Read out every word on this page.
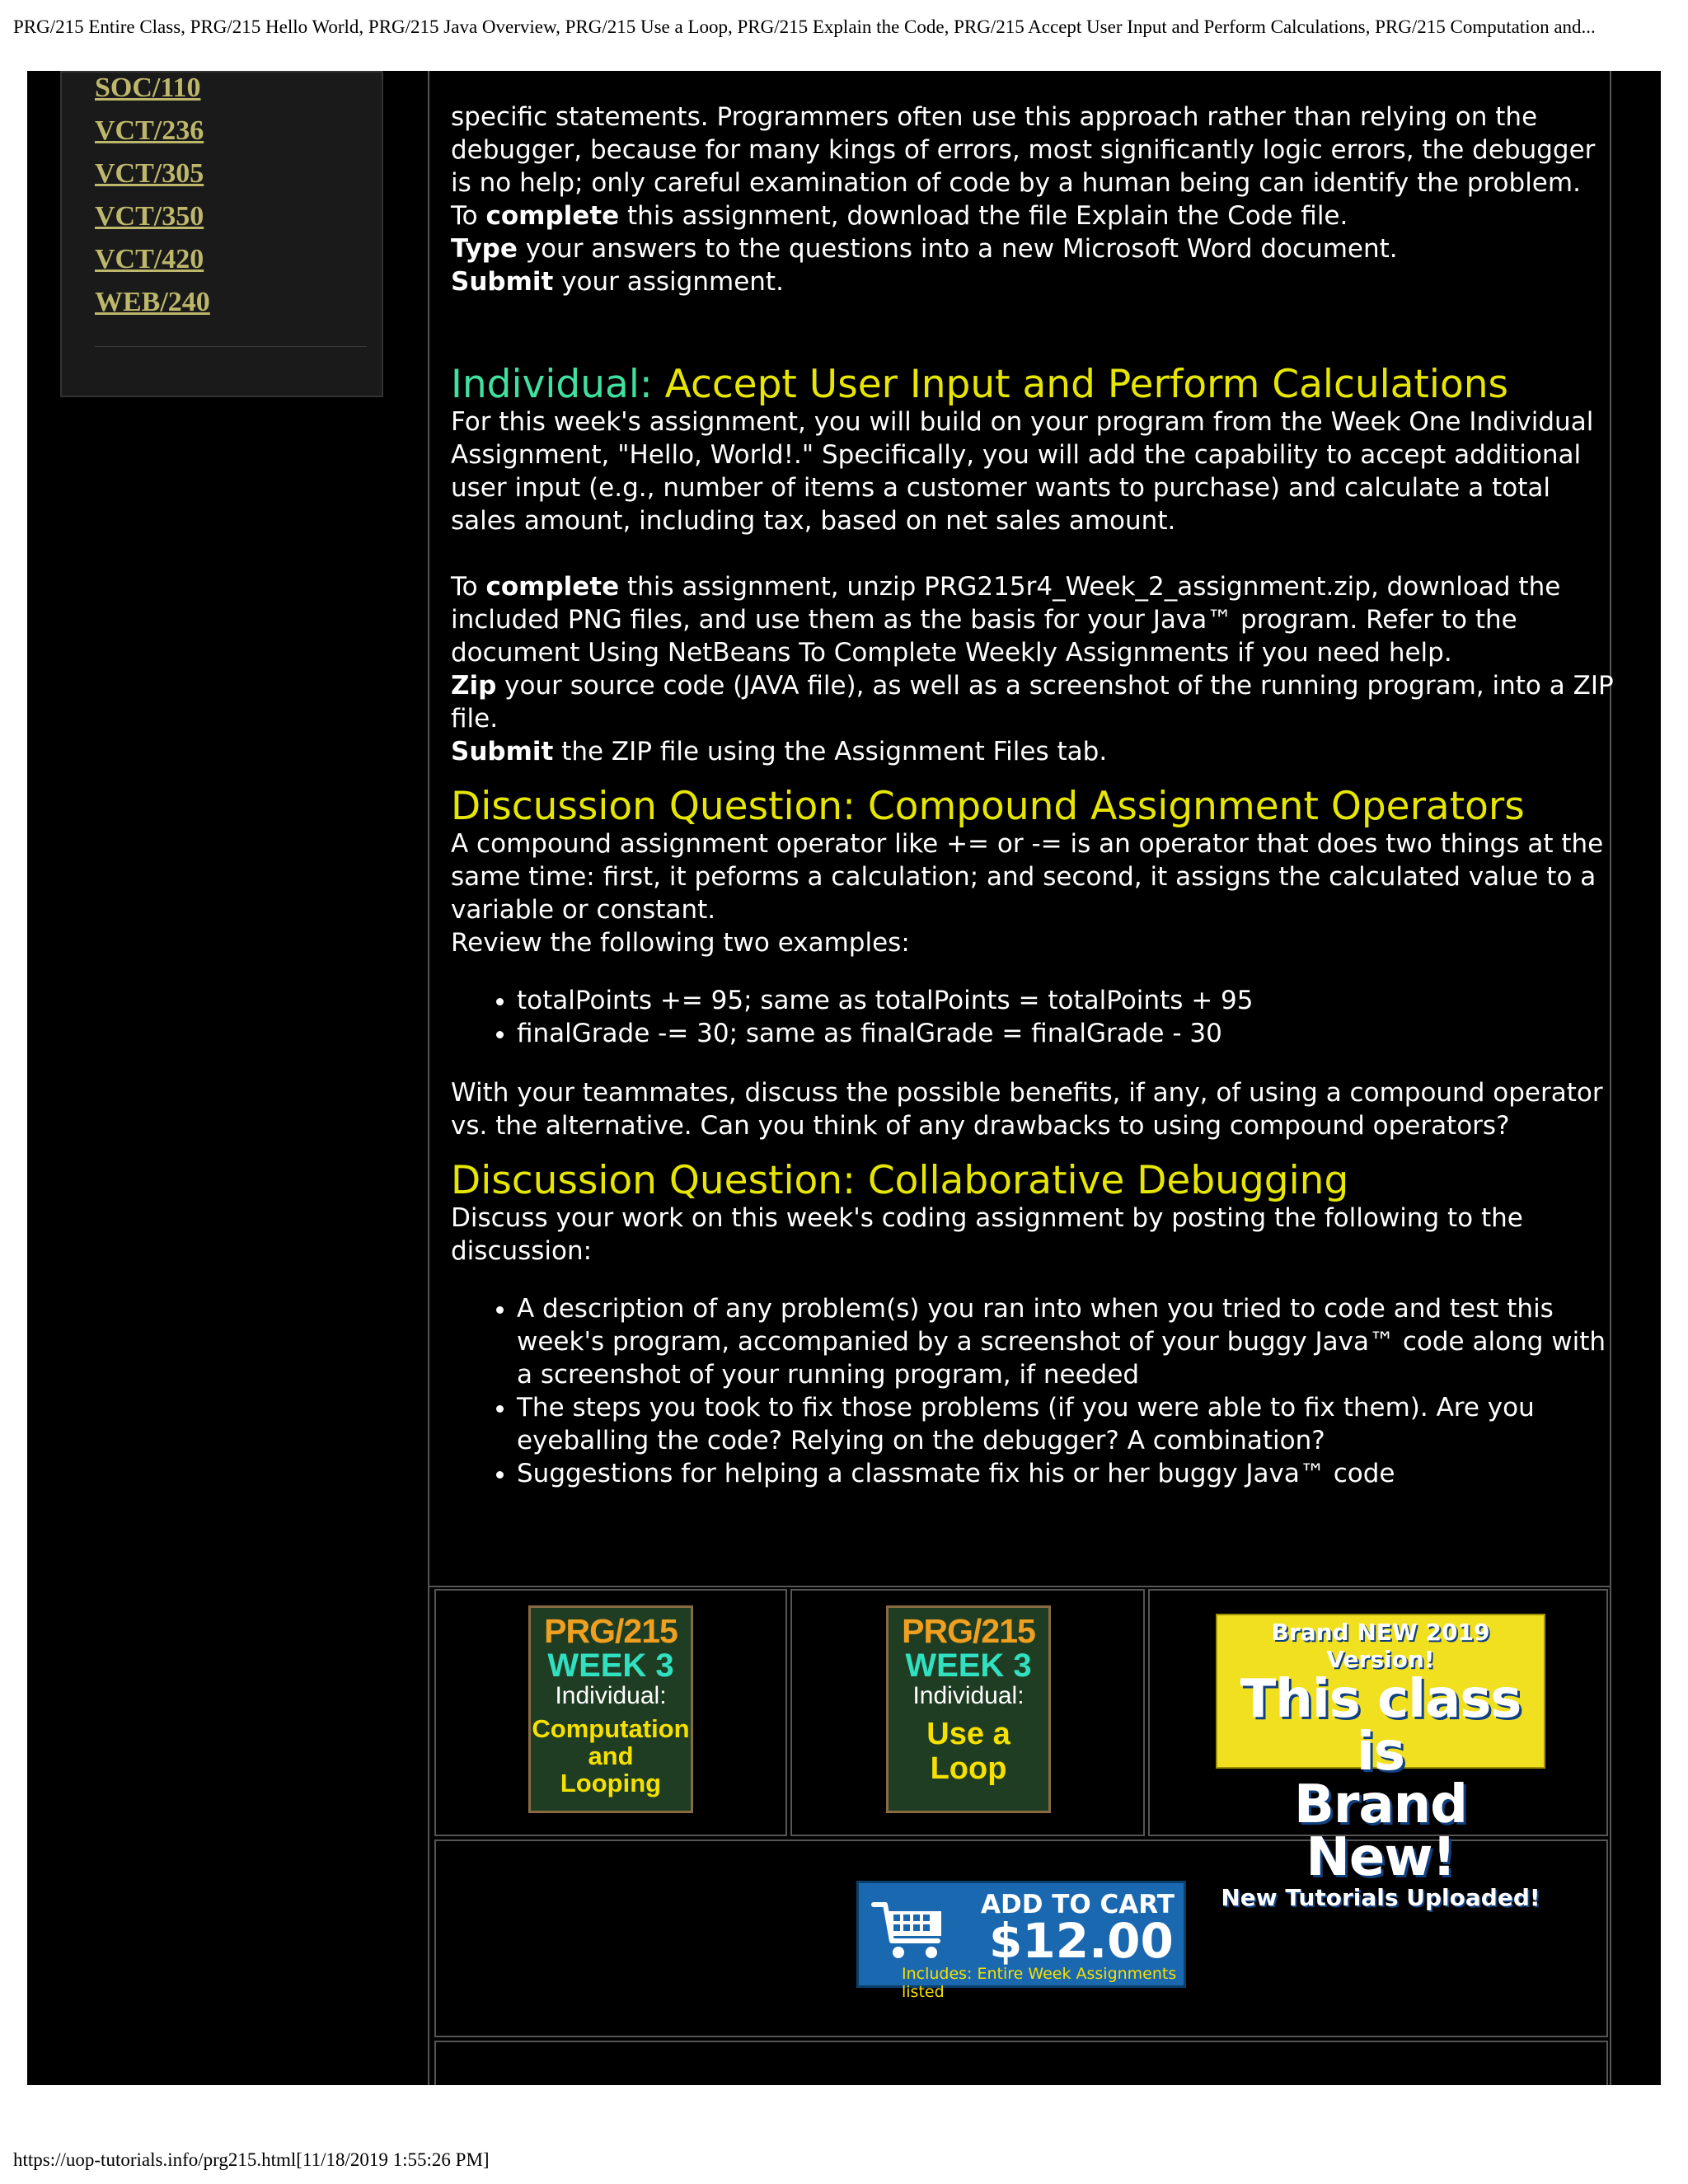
PRG/215 Entire Class, PRG/215 Hello World, PRG/215 Java Overview, PRG/215 Use a Loop, PRG/215 Explain the Code, PRG/215 Accept User Input and Perform Calculations, PRG/215 Computation and...
SOC/110
VCT/236
VCT/305
VCT/350
VCT/420
WEB/240

specific statements. Programmers often use this approach rather than relying on the debugger, because for many kings of errors, most significantly logic errors, the debugger is no help; only careful examination of code by a human being can identify the problem.

To complete this assignment, download the file Explain the Code file.

Type your answers to the questions into a new Microsoft Word document.

Submit your assignment.

Individual: Accept User Input and Perform Calculations

For this week's assignment, you will build on your program from the Week One Individual Assignment, "Hello, World!." Specifically, you will add the capability to accept additional user input (e.g., number of items a customer wants to purchase) and calculate a total sales amount, including tax, based on net sales amount.

To complete this assignment, unzip PRG215r4_Week_2_assignment.zip, download the included PNG files, and use them as the basis for your Java™ program. Refer to the document Using NetBeans To Complete Weekly Assignments if you need help.

Zip your source code (JAVA file), as well as a screenshot of the running program, into a ZIP file.

Submit the ZIP file using the Assignment Files tab.

Discussion Question: Compound Assignment Operators

A compound assignment operator like += or -= is an operator that does two things at the same time: first, it peforms a calculation; and second, it assigns the calculated value to a variable or constant.

Review the following two examples:

• totalPoints += 95; same as totalPoints = totalPoints + 95
• finalGrade -= 30; same as finalGrade = finalGrade - 30

With your teammates, discuss the possible benefits, if any, of using a compound operator vs. the alternative. Can you think of any drawbacks to using compound operators?

Discussion Question: Collaborative Debugging

Discuss your work on this week's coding assignment by posting the following to the discussion:

• A description of any problem(s) you ran into when you tried to code and test this week's program, accompanied by a screenshot of your buggy Java™ code along with a screenshot of your running program, if needed
• The steps you took to fix those problems (if you were able to fix them). Are you eyeballing the code? Relying on the debugger? A combination?
• Suggestions for helping a classmate fix his or her buggy Java™ code
PRG/215
WEEK 3
Individual:
Computation
and
Looping
PRG/215
WEEK 3
Individual:
Use a
Loop
Brand NEW 2019 Version!
This class is
Brand New!
New Tutorials Uploaded!
ADD TO CART
$12.00
Includes: Entire Week Assignments listed
https://uop-tutorials.info/prg215.html[11/18/2019 1:55:26 PM]
